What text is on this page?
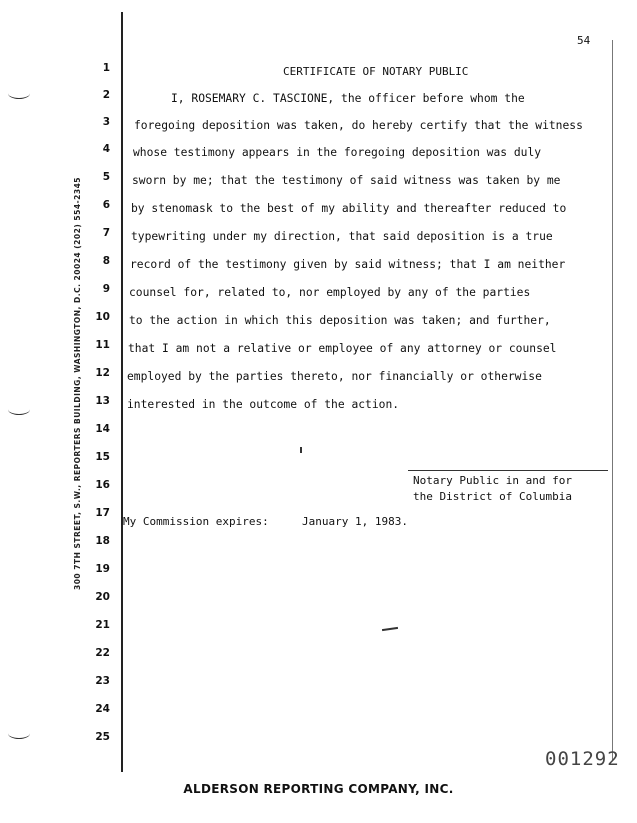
300 7TH STREET, S.W., REPORTERS BUILDING, WASHINGTON, D.C. 20024 (202) 554-2345
54
1
2
3
4
5
6
7
8
9
10
11
12
13
14
15
16
17
18
19
20
21
22
23
24
25
CERTIFICATE OF NOTARY PUBLIC
I, ROSEMARY C. TASCIONE, the officer before whom the
foregoing deposition was taken, do hereby certify that the witness
whose testimony appears in the foregoing deposition was duly
sworn by me; that the testimony of said witness was taken by me
by stenomask to the best of my ability and thereafter reduced to
typewriting under my direction, that said deposition is a true
record of the testimony given by said witness; that I am neither
counsel for, related to, nor employed by any of the parties
to the action in which this deposition was taken; and further,
that I am not a relative or employee of any attorney or counsel
employed by the parties thereto, nor financially or otherwise
interested in the outcome of the action.
Notary Public in and for
the District of Columbia
My Commission expires:	January 1, 1983.
001292
ALDERSON REPORTING COMPANY, INC.
